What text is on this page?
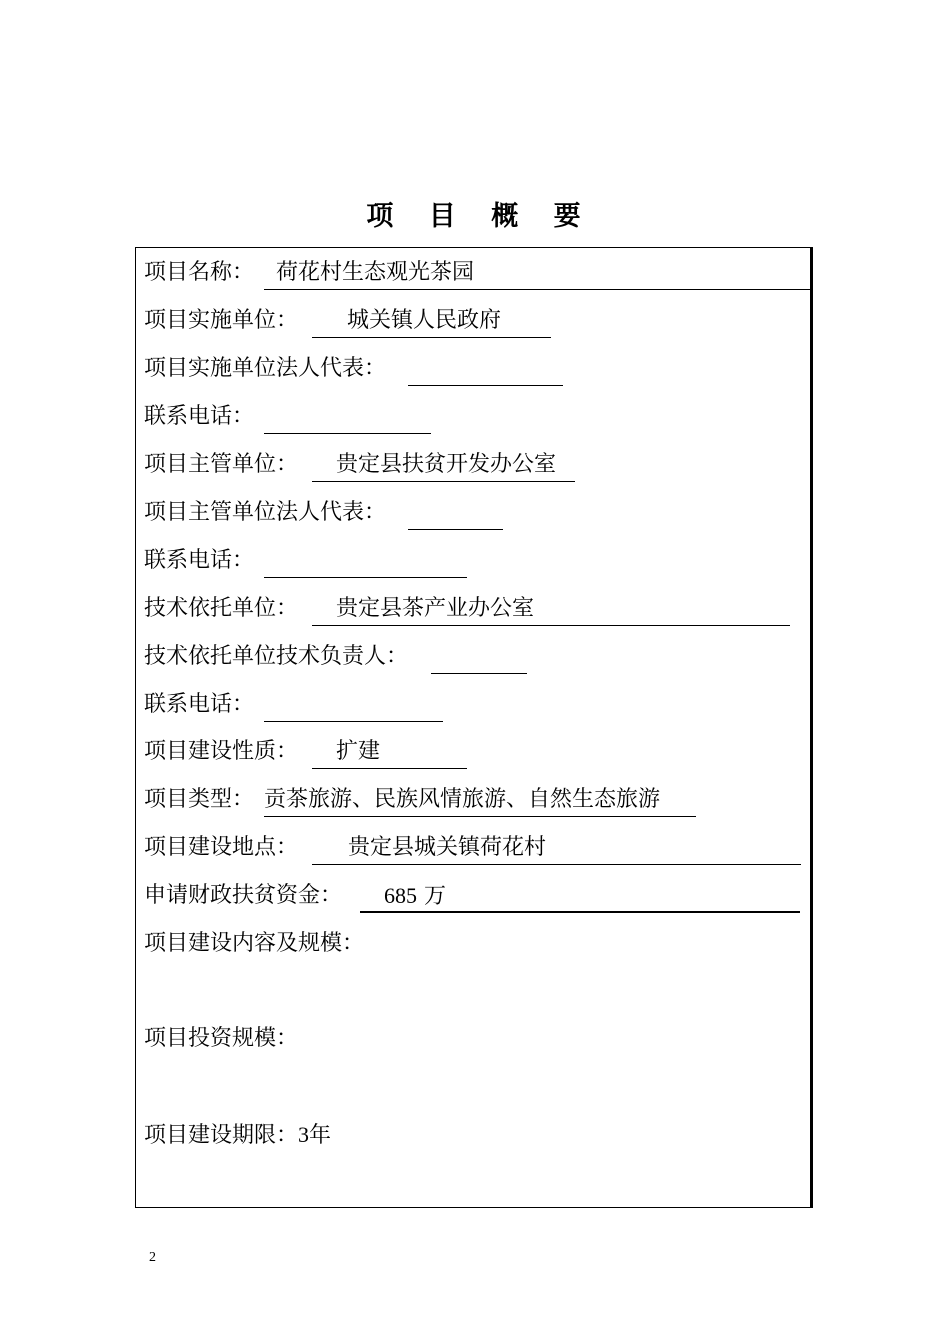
项 目 概 要
项目名称： 荷花村生态观光茶园
项目实施单位：	城关镇人民政府
项目实施单位法人代表：
联系电话：
项目主管单位：	贵定县扶贫开发办公室
项目主管单位法人代表：
联系电话：
技术依托单位：	贵定县茶产业办公室
技术依托单位技术负责人：
联系电话：
项目建设性质：	扩建
项目类型： 贡茶旅游、民族风情旅游、自然生态旅游
项目建设地点：	贵定县城关镇荷花村
申请财政扶贫资金：	685 万
项目建设内容及规模：
项目投资规模：
项目建设期限：3年
2
